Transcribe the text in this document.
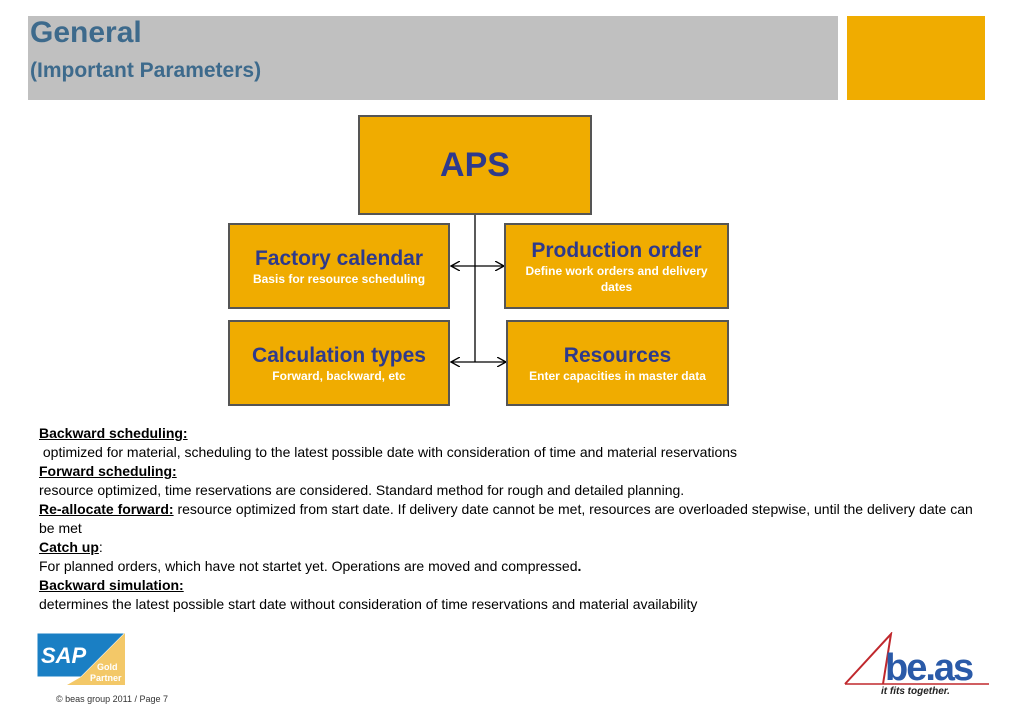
General
(Important Parameters)
APS
Factory calendar
Basis for resource scheduling
Production order
Define work orders and delivery dates
Calculation types
Forward, backward, etc
Resources
Enter capacities in master data

Backward scheduling:

optimized for material, scheduling to the latest possible date with consideration of time and material reservations

Forward scheduling:

resource optimized, time reservations are considered. Standard method for rough and detailed planning.

Re-allocate forward: resource optimized from start date. If delivery date cannot be met, resources are overloaded stepwise, until the delivery date can be met

Catch up:

For planned orders, which have not startet yet. Operations are moved and compressed.

Backward simulation:

determines the latest possible start date without consideration of time reservations and material availability

SAP Gold
Partner	be.as
it fits together.
© beas group 2011 / Page 7
